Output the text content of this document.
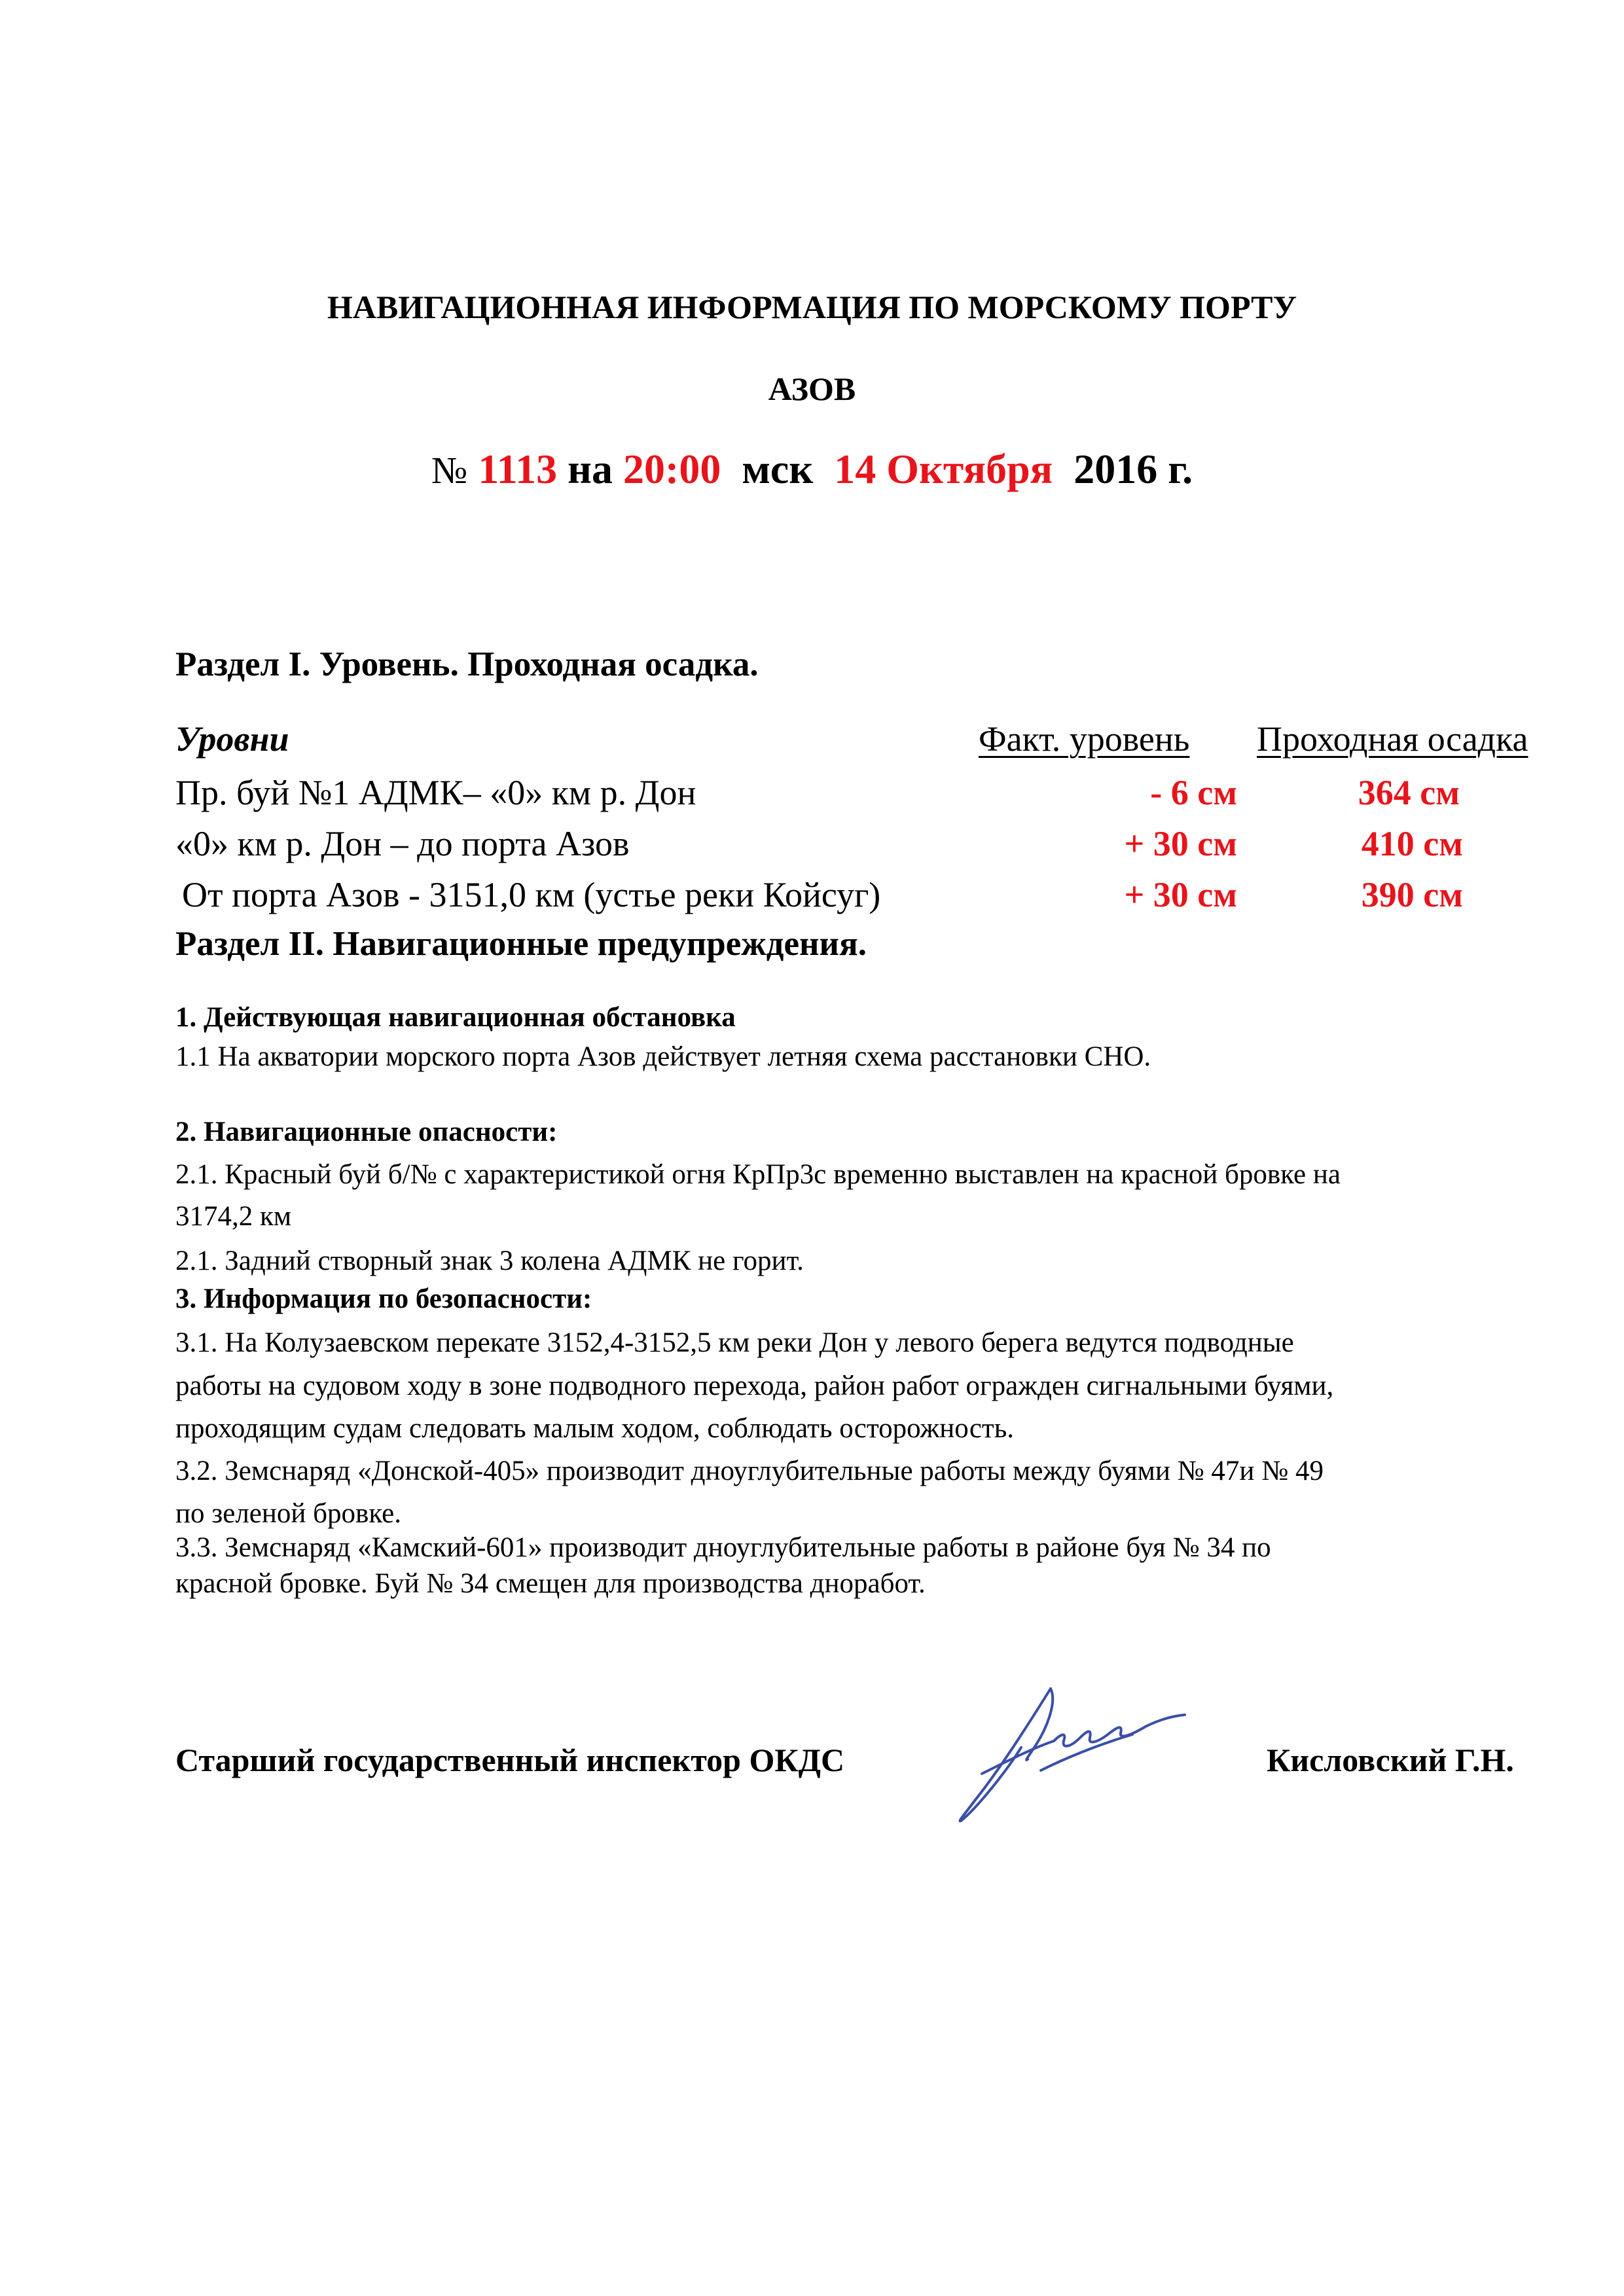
НАВИГАЦИОННАЯ ИНФОРМАЦИЯ ПО МОРСКОМУ ПОРТУ
АЗОВ
№ 1113 на 20:00 мск 14 Октября 2016 г.
Раздел I. Уровень. Проходная осадка.
Уровни	Факт. уровень Проходная осадка
Пр. буй №1 АДМК– «0» км р. Дон	- 6 см	364 см
«0» км р. Дон – до порта Азов	+ 30 см	410 см
От порта Азов - 3151,0 км (устье реки Койсуг)	+ 30 см	390 см
Раздел II. Навигационные предупреждения.
1. Действующая навигационная обстановка
1.1 На акватории морского порта Азов действует летняя схема расстановки СНО.
2. Навигационные опасности:
2.1. Красный буй б/№ с характеристикой огня КрПр3с временно выставлен на красной бровке на
3174,2 км
2.1. Задний створный знак 3 колена АДМК не горит.
3. Информация по безопасности:
3.1. На Колузаевском перекате 3152,4-3152,5 км реки Дон у левого берега ведутся подводные
работы на судовом ходу в зоне подводного перехода, район работ огражден сигнальными буями,
проходящим судам следовать малым ходом, соблюдать осторожность.
3.2. Земснаряд «Донской-405» производит дноуглубительные работы между буями № 47и № 49
по зеленой бровке.
3.3. Земснаряд «Камский-601» производит дноуглубительные работы в районе буя № 34 по
красной бровке. Буй № 34 смещен для производства дноработ.
Старший государственный инспектор ОКДС	Кисловский Г.Н.
